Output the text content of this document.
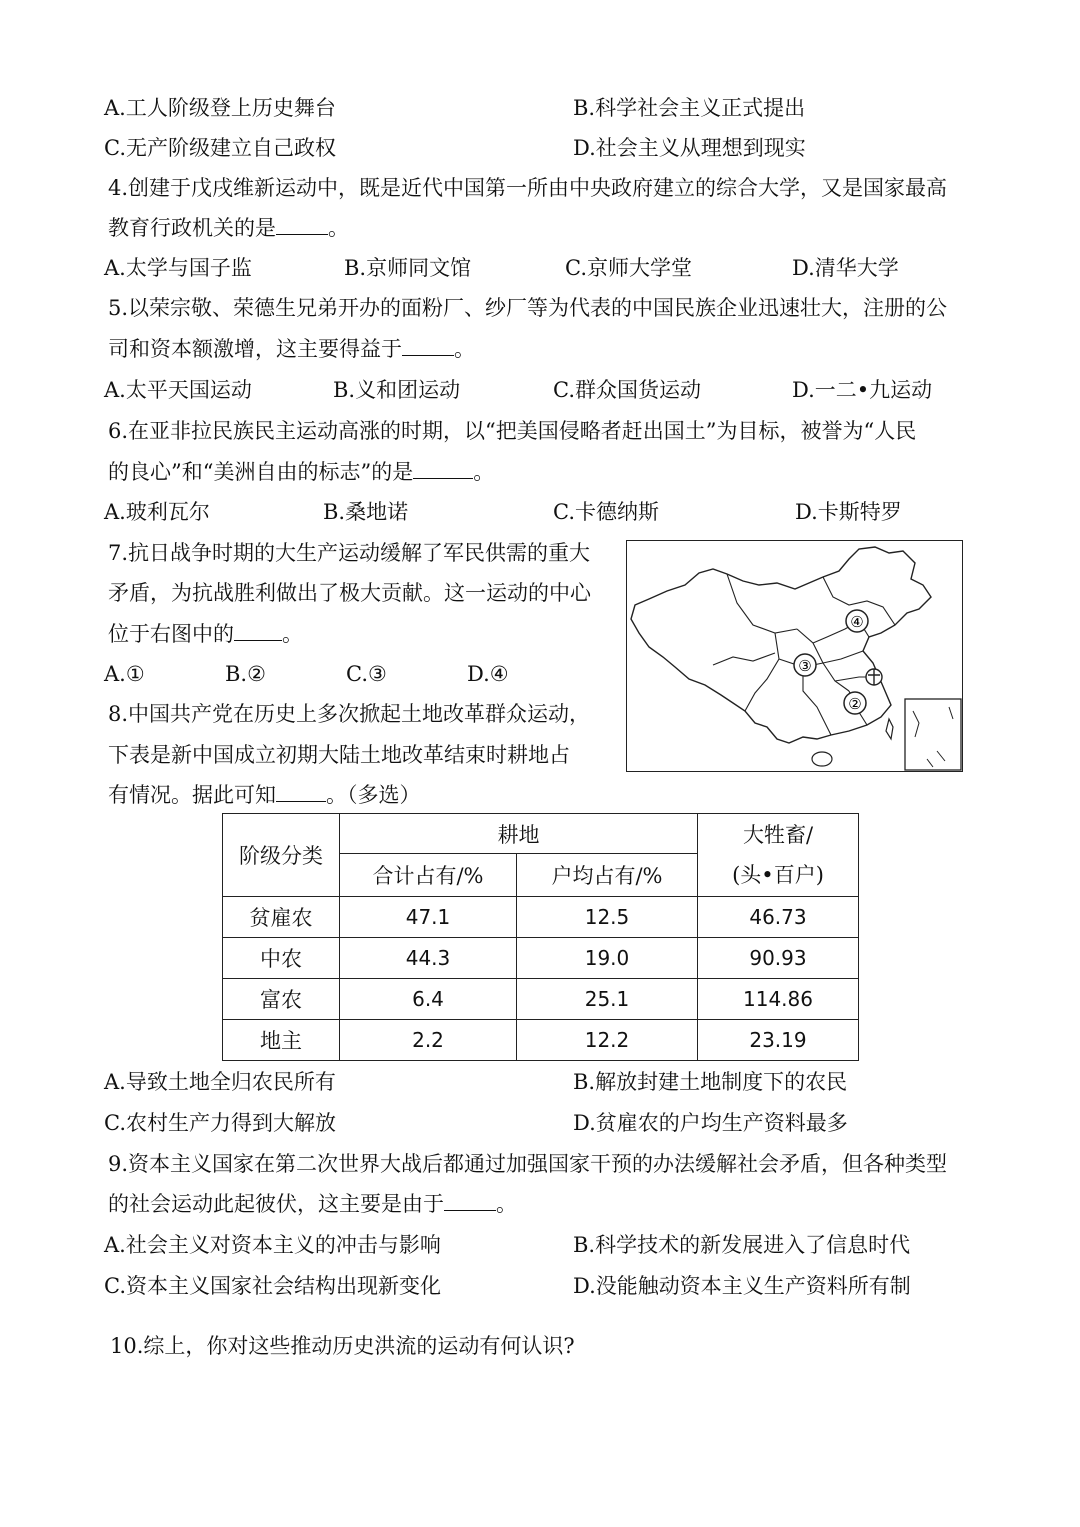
A.工人阶级登上历史舞台	B.科学社会主义正式提出
C.无产阶级建立自己政权	D.社会主义从理想到现实
4.创建于戊戌维新运动中，既是近代中国第一所由中央政府建立的综合大学，又是国家最高
教育行政机关的是 。
A.太学与国子监	B.京师同文馆	C.京师大学堂	D.清华大学
5.以荣宗敬、荣德生兄弟开办的面粉厂、纱厂等为代表的中国民族企业迅速壮大，注册的公
司和资本额激增，这主要得益于 。
A.太平天国运动	B.义和团运动	C.群众国货运动	D.一二•九运动
6.在亚非拉民族民主运动高涨的时期，以“把美国侵略者赶出国土”为目标，被誉为“人民
的良心”和“美洲自由的标志”的是	。
A.玻利瓦尔	B.桑地诺	C.卡德纳斯	D.卡斯特罗
7.抗日战争时期的大生产运动缓解了军民供需的重大
矛盾，为抗战胜利做出了极大贡献。这一运动的中心
位于右图中的 。
A.①	B.②	C.③	D.④
④
③
②
8.中国共产党在历史上多次掀起土地改革群众运动，
下表是新中国成立初期大陆土地改革结束时耕地占
有情况。据此可知 。（多选）
阶级分类	耕地		大牲畜/
(头•百户)

	合计占有/%	户均占有/%	
贫雇农	47.1	12.5	46.73
中农	44.3	19.0	90.93
富农	6.4	25.1	114.86
地主	2.2	12.2	23.19
A.导致土地全归农民所有	B.解放封建土地制度下的农民
C.农村生产力得到大解放	D.贫雇农的户均生产资料最多
9.资本主义国家在第二次世界大战后都通过加强国家干预的办法缓解社会矛盾，但各种类型
的社会运动此起彼伏，这主要是由于 。
A.社会主义对资本主义的冲击与影响	B.科学技术的新发展进入了信息时代
C.资本主义国家社会结构出现新变化	D.没能触动资本主义生产资料所有制
10.综上，你对这些推动历史洪流的运动有何认识?
